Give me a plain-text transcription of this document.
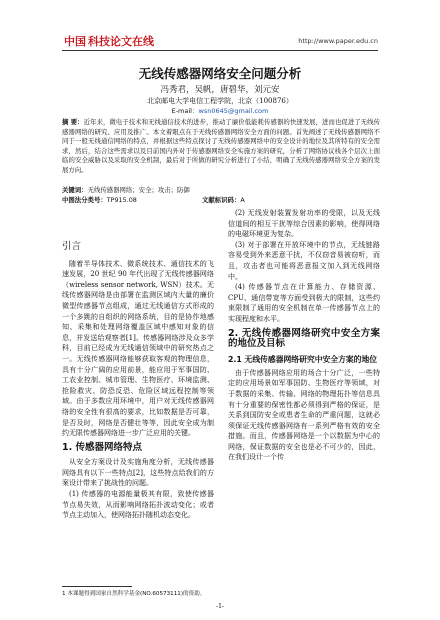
中国 科技论文在线	http://www.paper.edu.cn
无线传感器网络安全问题分析
冯秀君，吴帆，唐碧华，刘元安
北京邮电大学电信工程学院，北京（100876）
E-mail：wsn0645@gmail.com
摘 要：近年来，微电子技术和无线通信技术的进步，推动了廉价低能耗传感器的快速发展，进而也促进了无线传感器网络的研究、应用及推广。本文着眼点在于无线传感器网络安全方面的问题。首先阐述了无线传感器网络不同于一般无线通信网络的特点，并根据这些特点探讨了无线传感器网络中的安全设计的地位及其所特有的安全需求，然后，结合这些需求以及目前国内外对于传感器网络安全实施方案的研究，分析了网络协议栈各个层次上面临的安全威胁以及采取的安全机制，最后对于所做的研究分析进行了小结，明确了无线传感器网络安全方案的发展方向。
关键词：无线传感器网络；安全；攻击；防御
中图法分类号：TP915.08	文献标识码：A
引言

随着半导体技术、微系统技术、通信技术的飞速发展，20 世纪 90 年代出现了无线传感器网络（wireless sensor network, WSN）技术。无线传感器网络是由部署在监测区域内大量的廉价微型传感器节点组成，通过无线通信方式形成的一个多跳的自组织的网络系统，目的是协作地感知、采集和处理网络覆盖区域中感知对象的信息，并发送给观察者[1]。传感器网络涉及众多学科，目前已经成为无线通信领域中的研究热点之一。无线传感器网络能够获取客观的物理信息，具有十分广阔的应用前景，能应用于军事国防、工农业控制、城市管理、生物医疗、环境监测、抢险救灾、防恐反恐、危险区域远程控制等领域。由于多数应用环境中，用户对无线传感器网络的安全性有很高的要求，比如数据是否可靠，是否及时，网络是否健壮等等，因此安全成为制约无限传感器网络进一步广泛应用的关键。

1. 传感器网络特点

从安全方案设计及实施角度分析，无线传感器网络具有以下一些特点[2]，这些特点给我们的方案设计带来了挑战性的问题。

(1) 传感器的电源能量极其有限，致使传感器节点易失效，从而影响网络拓扑波动变化；或者节点主动加入，使网络拓扑随机动态变化。

(2) 无线发射装置发射功率的受限，以及无线信道间的相互干扰等综合因素的影响，使得网络的电磁环境更为复杂。

(3) 对于部署在开放环境中的节点，无线链路容易受到外来恶意干扰，不仅窃音易被窃听，而且，攻击者也可能将恶意报文加入到无线网络中。

(4) 传感器节点在计算能力、存储资源、CPU、通信带宽等方面受到极大的限制，这些约束限制了通用的安全机制在单一传感器节点上的实现程度和水平。

2. 无线传感器网络研究中安全方案的地位及目标
2.1 无线传感器网络研究中安全方案的地位

由于传感器网络应用的场合十分广泛，一些特定的应用场景如军事国防、生物医疗等领域，对于数据的采集、传输、网络的物理拓扑等信息具有十分重要的保密性都必须得到严格的保证，是关系到国防安全或患者生命的严重问题，这就必须保证无线传感器网络有一系列严格有效的安全措施。而且，传感器网络是一个以数据为中心的网络，保证数据的安全也是必不可少的，因此，在我们设计一个传

1 本课题得到国家自然科学基金(NO.60573111)的资助。
-1-
